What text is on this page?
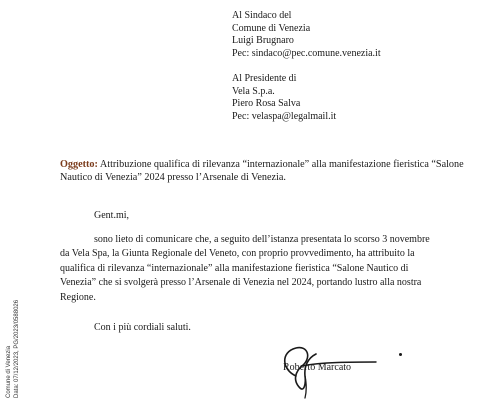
Al Sindaco del
Comune di Venezia
Luigi Brugnaro
Pec: sindaco@pec.comune.venezia.it
Al Presidente di
Vela S.p.a.
Piero Rosa Salva
Pec: velaspa@legalmail.it
Oggetto: Attribuzione qualifica di rilevanza “internazionale” alla manifestazione fieristica “Salone Nautico di Venezia” 2024 presso l’Arsenale di Venezia.
Gent.mi,
sono lieto di comunicare che, a seguito dell’istanza presentata lo scorso 3 novembre
da Vela Spa, la Giunta Regionale del Veneto, con proprio provvedimento, ha attribuito la
qualifica di rilevanza “internazionale” alla manifestazione fieristica “Salone Nautico di
Venezia” che si svolgerà presso l’Arsenale di Venezia nel 2024, portando lustro alla nostra
Regione.
Con i più cordiali saluti.
Roberto Marcato
Comune di Venezia Data: 07/12/2023, PG/2023/0588026
